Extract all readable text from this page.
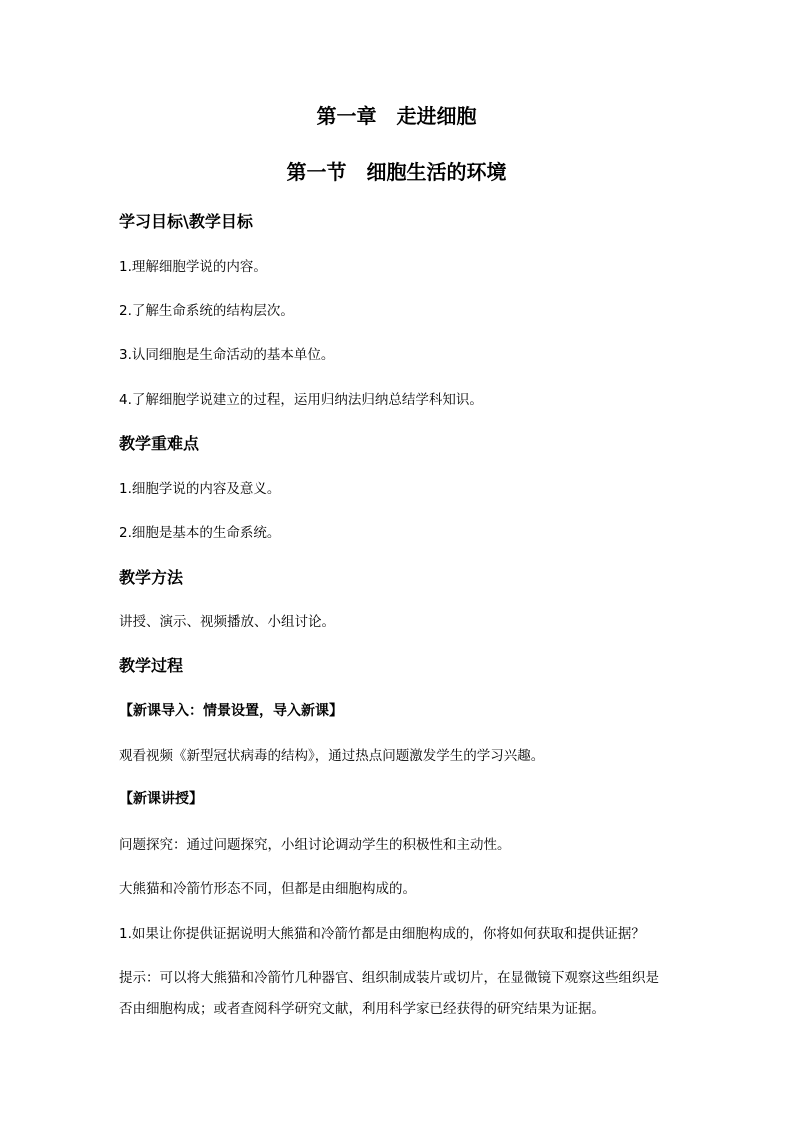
第一章　走进细胞
第一节　细胞生活的环境
学习目标\教学目标
1.理解细胞学说的内容。
2.了解生命系统的结构层次。
3.认同细胞是生命活动的基本单位。
4.了解细胞学说建立的过程，运用归纳法归纳总结学科知识。
教学重难点
1.细胞学说的内容及意义。
2.细胞是基本的生命系统。
教学方法
讲授、演示、视频播放、小组讨论。
教学过程
【新课导入：情景设置，导入新课】
观看视频《新型冠状病毒的结构》，通过热点问题激发学生的学习兴趣。
【新课讲授】
问题探究：通过问题探究，小组讨论调动学生的积极性和主动性。
大熊猫和冷箭竹形态不同，但都是由细胞构成的。
1.如果让你提供证据说明大熊猫和冷箭竹都是由细胞构成的，你将如何获取和提供证据？
提示：可以将大熊猫和冷箭竹几种器官、组织制成装片或切片，在显微镜下观察这些组织是
否由细胞构成；或者查阅科学研究文献，利用科学家已经获得的研究结果为证据。
